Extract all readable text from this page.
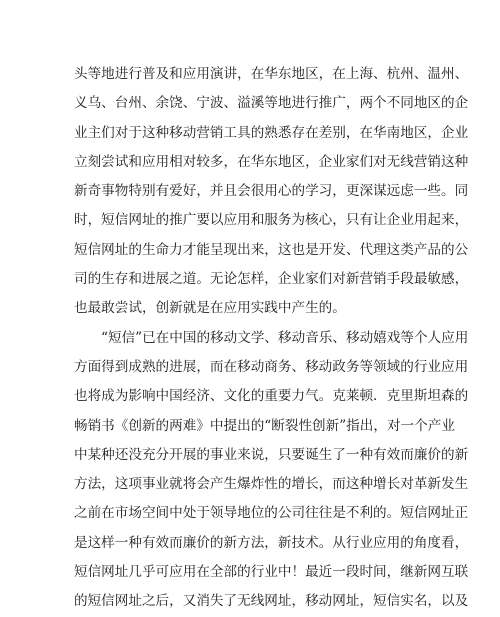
头等地进行普及和应用演讲，在华东地区，在上海、杭州、温州、
义乌、台州、余饶、宁波、溢溪等地进行推广，两个不同地区的企
业主们对于这种移动营销工具的熟悉存在差别，在华南地区，企业
立刻尝试和应用相对较多，在华东地区，企业家们对无线营销这种
新奇事物特别有爱好，并且会很用心的学习，更深谋远虑一些。同
时，短信网址的推广要以应用和服务为核心，只有让企业用起来，
短信网址的生命力才能呈现出来，这也是开发、代理这类产品的公
司的生存和进展之道。无论怎样，企业家们对新营销手段最敏感，
也最敢尝试，创新就是在应用实践中产生的。
“短信”已在中国的移动文学、移动音乐、移动嬉戏等个人应用
方面得到成熟的进展，而在移动商务、移动政务等领域的行业应用
也将成为影响中国经济、文化的重要力气。克莱顿．克里斯坦森的
畅销书《创新的两难》中提出的“断裂性创新”指出，对一个产业
中某种还没充分开展的事业来说，只要诞生了一种有效而廉价的新
方法，这项事业就将会产生爆炸性的增长，而这种增长对革新发生
之前在市场空间中处于领导地位的公司往往是不利的。短信网址正
是这样一种有效而廉价的新方法，新技术。从行业应用的角度看，
短信网址几乎可应用在全部的行业中！最近一段时间，继新网互联
的短信网址之后，又消失了无线网址，移动网址，短信实名，以及
